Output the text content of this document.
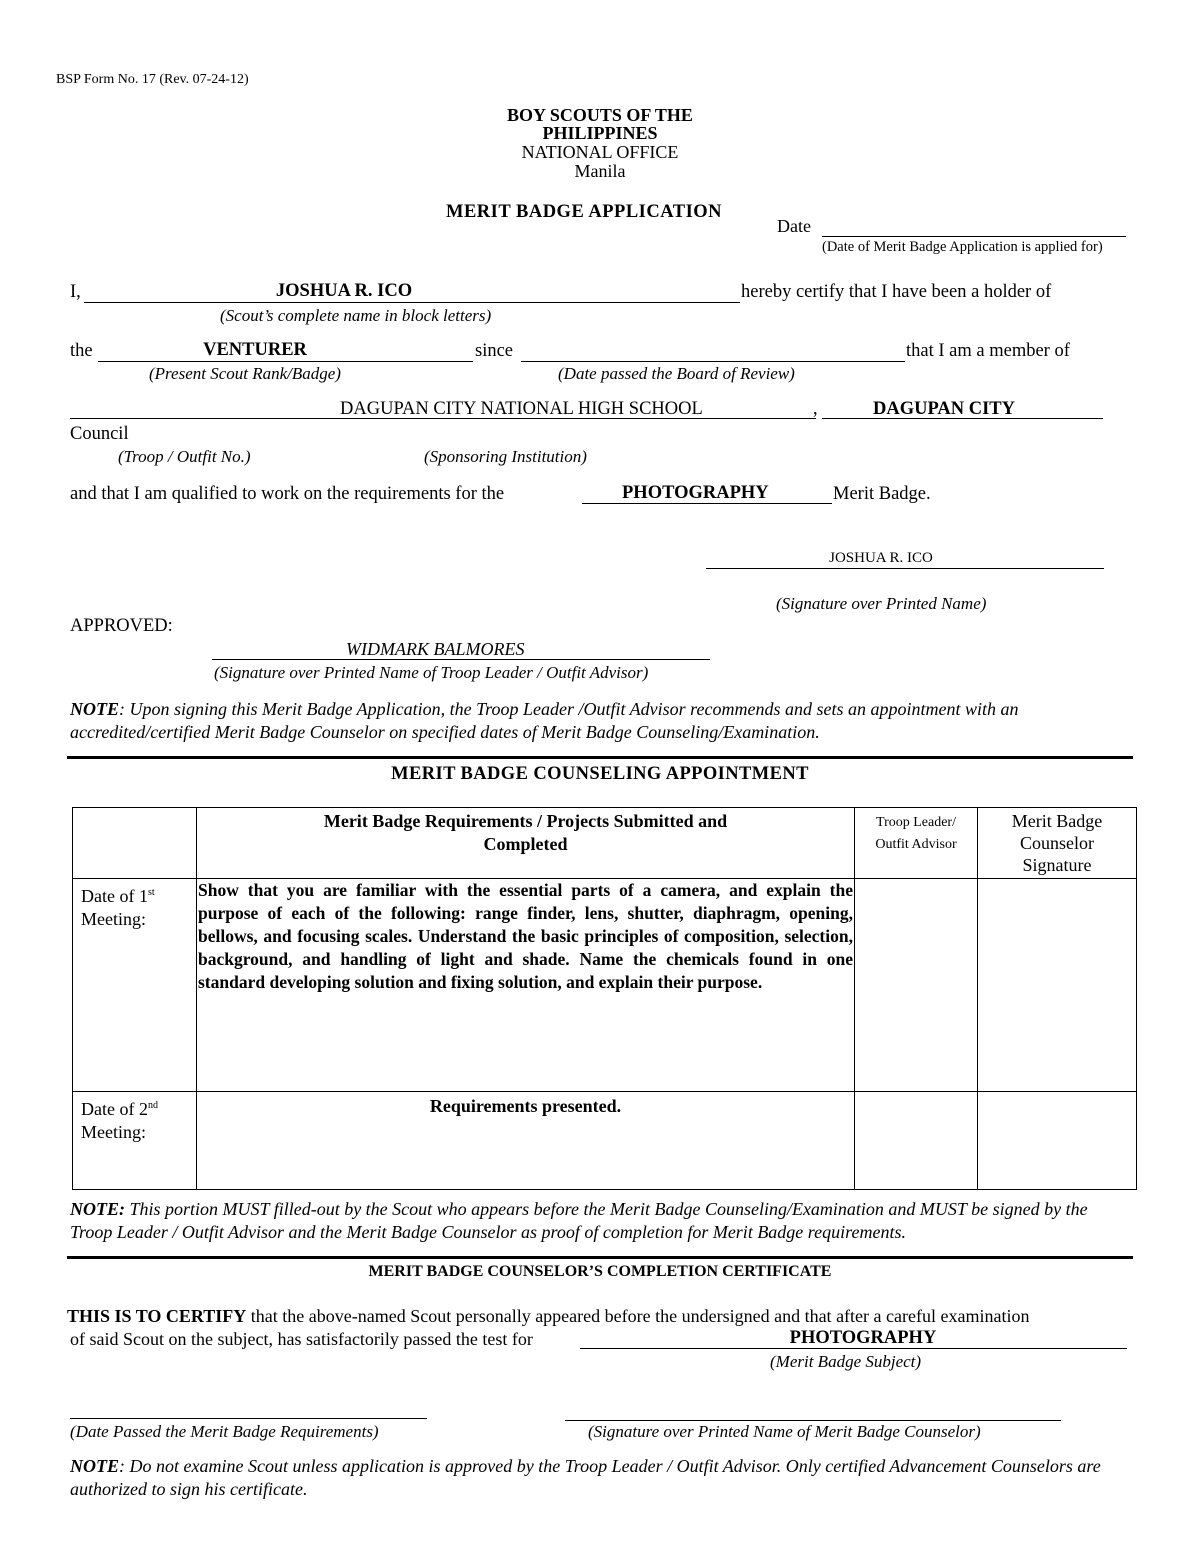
BSP Form No. 17 (Rev. 07-24-12)
BOY SCOUTS OF THE
PHILIPPINES
NATIONAL OFFICE
Manila
MERIT BADGE APPLICATION
Date
(Date of Merit Badge Application is applied for)
I,	JOSHUA R. ICO	hereby certify that I have been a holder of
(Scout’s complete name in block letters)
the	VENTURER	since	that I am a member of
(Present Scout Rank/Badge)	(Date passed the Board of Review)
DAGUPAN CITY NATIONAL HIGH SCHOOL	,	DAGUPAN CITY
Council
(Troop / Outfit No.)	(Sponsoring Institution)
and that I am qualified to work on the requirements for the	PHOTOGRAPHY	Merit Badge.
JOSHUA R. ICO
(Signature over Printed Name)
APPROVED:
WIDMARK BALMORES
(Signature over Printed Name of Troop Leader / Outfit Advisor)
NOTE: Upon signing this Merit Badge Application, the Troop Leader /Outfit Advisor recommends and sets an appointment with an accredited/certified Merit Badge Counselor on specified dates of Merit Badge Counseling/Examination.
MERIT BADGE COUNSELING APPOINTMENT

	Merit Badge Requirements / Projects Submitted and Completed	Troop Leader/ Outfit Advisor	Merit Badge Counselor Signature

Date of 1st
Meeting:	Show that you are familiar with the essential parts of a camera, and explain the purpose of each of the following: range finder, lens, shutter, diaphragm, opening, bellows, and focusing scales. Understand the basic principles of composition, selection, background, and handling of light and shade. Name the chemicals found in one standard developing solution and fixing solution, and explain their purpose.		

Date of 2nd
Meeting:	Requirements presented.		

NOTE: This portion MUST filled-out by the Scout who appears before the Merit Badge Counseling/Examination and MUST be signed by the Troop Leader / Outfit Advisor and the Merit Badge Counselor as proof of completion for Merit Badge requirements.
MERIT BADGE COUNSELOR’S COMPLETION CERTIFICATE
THIS IS TO CERTIFY that the above-named Scout personally appeared before the undersigned and that after a careful examination
of said Scout on the subject, has satisfactorily passed the test for	PHOTOGRAPHY
(Merit Badge Subject)
(Date Passed the Merit Badge Requirements)	(Signature over Printed Name of Merit Badge Counselor)
NOTE: Do not examine Scout unless application is approved by the Troop Leader / Outfit Advisor. Only certified Advancement Counselors are authorized to sign his certificate.
